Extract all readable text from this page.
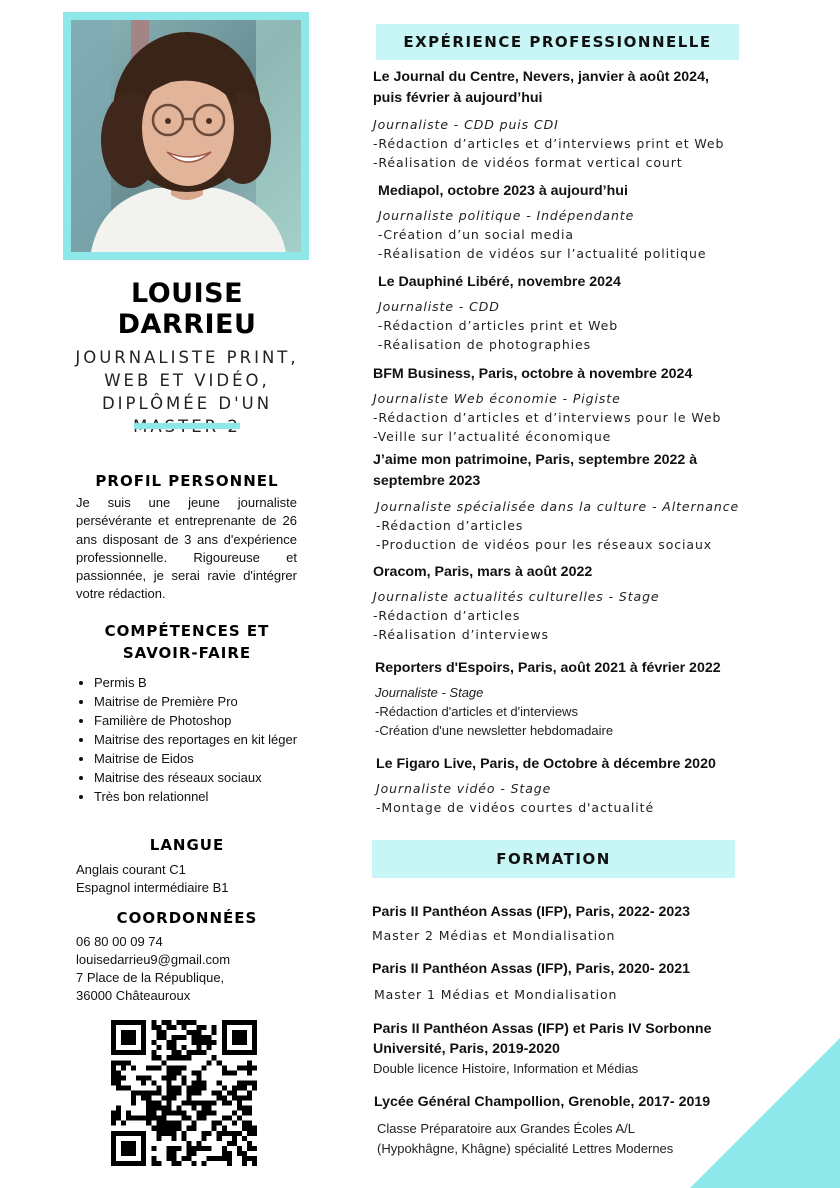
LOUISE
DARRIEU
JOURNALISTE PRINT,
WEB ET VIDÉO,
DIPLÔMÉE D'UN
PROFIL PERSONNEL
Je suis une jeune journaliste persévérante et entreprenante de 26 ans disposant de 3 ans d'expérience professionnelle. Rigoureuse et passionnée, je serai ravie d'intégrer votre rédaction.
COMPÉTENCES ET
SAVOIR-FAIRE
• Permis B
• Maitrise de Première Pro
• Familière de Photoshop
• Maitrise des reportages en kit léger
• Maitrise de Eidos
• Maitrise des réseaux sociaux
• Très bon relationnel
LANGUE
Anglais courant C1
Espagnol intermédiaire B1
COORDONNÉES
06 80 00 09 74
louisedarrieu9@gmail.com
7 Place de la République,
36000 Châteauroux
EXPÉRIENCE PROFESSIONNELLE
Le Journal du Centre, Nevers, janvier à août 2024,
puis février à aujourd’hui
Journaliste - CDD puis CDI
-Rédaction d’articles et d’interviews print et Web
-Réalisation de vidéos format vertical court
Mediapol, octobre 2023 à aujourd’hui
Journaliste politique - Indépendante
-Création d’un social media
-Réalisation de vidéos sur l’actualité politique
Le Dauphiné Libéré, novembre 2024
Journaliste - CDD
-Rédaction d’articles print et Web
-Réalisation de photographies
BFM Business, Paris, octobre à novembre 2024
Journaliste Web économie - Pigiste
-Rédaction d’articles et d’interviews pour le Web
-Veille sur l’actualité économique
J’aime mon patrimoine, Paris, septembre 2022 à
septembre 2023
Journaliste spécialisée dans la culture - Alternance
-Rédaction d’articles
-Production de vidéos pour les réseaux sociaux
Oracom, Paris, mars à août 2022
Journaliste actualités culturelles - Stage
-Rédaction d’articles
-Réalisation d’interviews
Reporters d'Espoirs, Paris, août 2021 à février 2022
Journaliste - Stage
-Rédaction d'articles et d'interviews
-Création d'une newsletter hebdomadaire
Le Figaro Live, Paris, de Octobre à décembre 2020
Journaliste vidéo - Stage
-Montage de vidéos courtes d'actualité
FORMATION
Paris II Panthéon Assas (IFP), Paris, 2022- 2023
Master 2 Médias et Mondialisation
Paris II Panthéon Assas (IFP), Paris, 2020- 2021
Master 1 Médias et Mondialisation
Paris II Panthéon Assas (IFP) et Paris IV Sorbonne
Université, Paris, 2019-2020
Double licence Histoire, Information et Médias
Lycée Général Champollion, Grenoble, 2017- 2019
Classe Préparatoire aux Grandes Écoles A/L
(Hypokhâgne, Khâgne) spécialité Lettres Modernes
